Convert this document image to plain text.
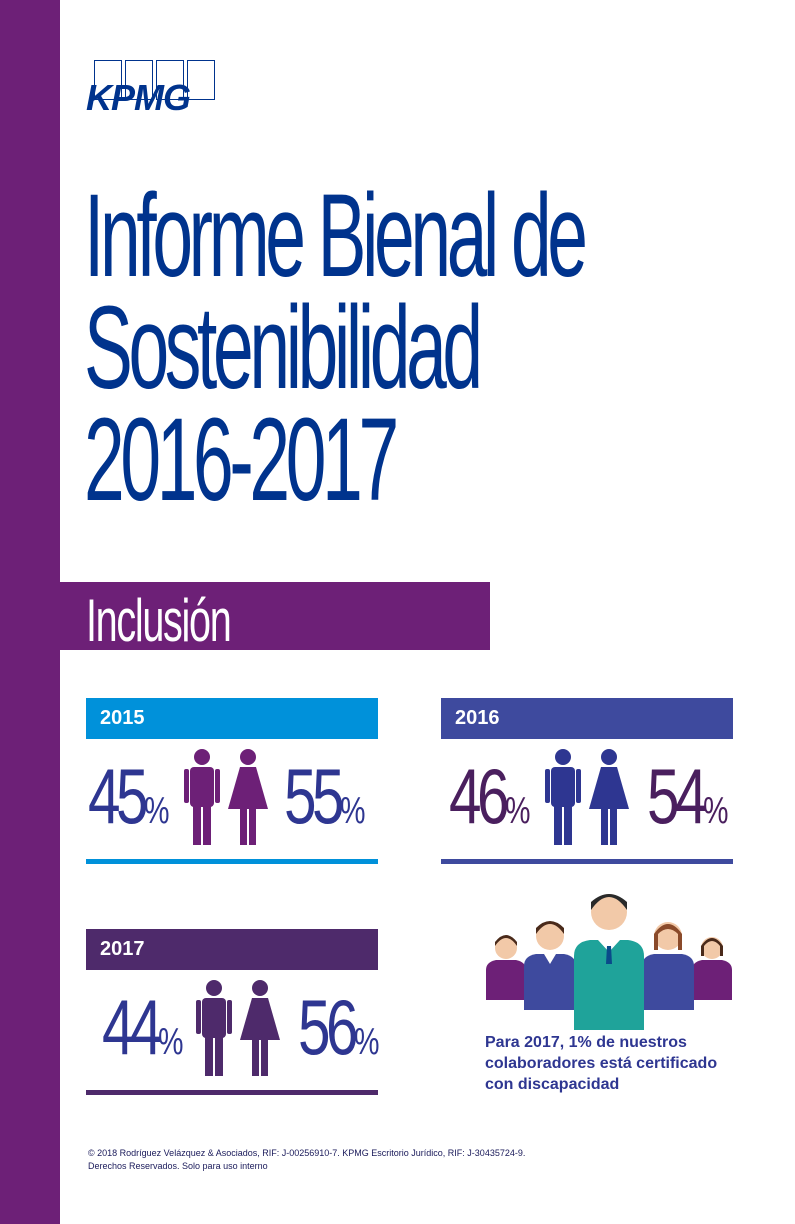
KPMG
Informe Bienal de
Sostenibilidad
2016-2017
Inclusión
2015
45% 55%
2016
46% 54%
2017
44% 56%	Para 2017, 1% de nuestros colaboradores está certificado con discapacidad
© 2018 Rodríguez Velázquez & Asociados, RIF: J-00256910-7. KPMG Escritorio Jurídico, RIF: J-30435724-9.
Derechos Reservados. Solo para uso interno
